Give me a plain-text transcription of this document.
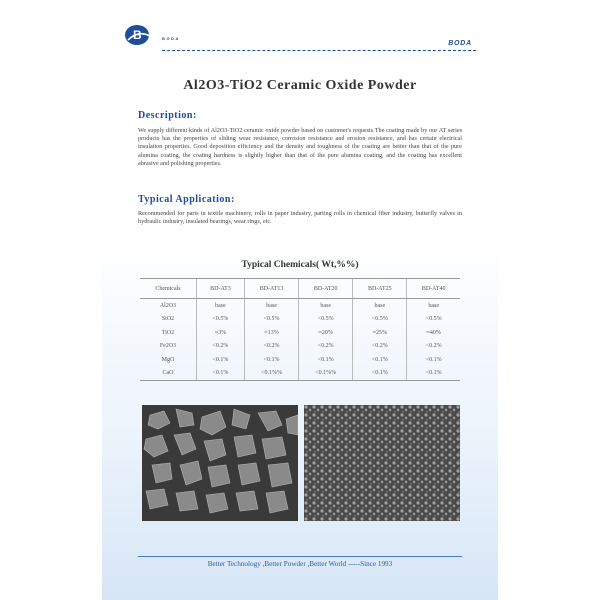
B	BODA
BODA
Al2O3-TiO2 Ceramic Oxide Powder
Description:
We supply different kinds of Al2O3-TiO2 ceramic oxide powder based on customer's requests.The coating made by our AT series products has the properties of sliding wear resistance, corrosion resistance and erosion resistance, and has certain electrical insulation properties. Good deposition efficiency and the density and toughness of the coating are better than that of the pure alumina coating, the coating hardness is slightly higher than that of the pure alumina coating, and the coating has excellent abrasive and polishing properties.
Typical Application:
Recommended for parts in textile machinery, rolls in paper industry, parting rolls in chemical fiber industry, butterfly valves in hydraulic industry, insulated bearings, wear rings, etc.
Typical Chemicals( Wt,%%)
Chemicals	BD-AT3	BD-AT13	BD-AT20	BD-AT25	BD-AT40
Al2O3	base	base	base	base	base
SiO2	<0.5%	<0.5%	<0.5%	<0.5%	<0.5%
TiO2	≈3%	≈13%	≈20%	≈25%	≈40%
Fe2O3	<0.2%	<0.2%	<0.2%	<0.2%	<0.2%
MgO	<0.1%	<0.1%	<0.1%	<0.1%	<0.1%
CaO	<0.1%	<0.1%%	<0.1%%	<0.1%	<0.1%
Better Technology ,Better Powder ,Better World -----Since 1993
